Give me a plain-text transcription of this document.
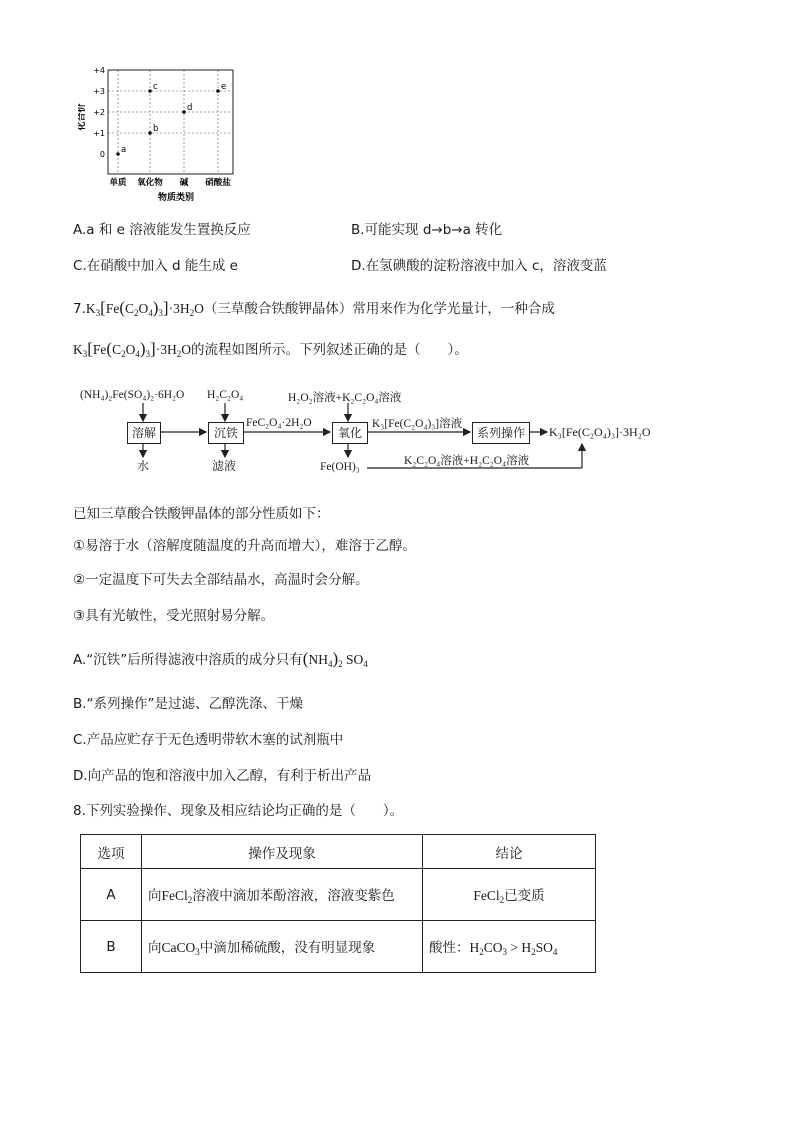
+4
+3
+2
+1
0
单质 氧化物 碱 硝酸盐
a
b
c
d
e
化合价
物质类别
A.a 和 e 溶液能发生置换反应	B.可能实现 d→b→a 转化
C.在硝酸中加入 d 能生成 e	D.在氢碘酸的淀粉溶液中加入 c，溶液变蓝
$7.K_3[Fe(C_2O_4)_3]\cdot 3H_2O$（三草酸合铁酸钾晶体）常用来作为化学光量计，一种合成
$K_3[Fe(C_2O_4)_3]\cdot 3H_2O$的流程如图所示。下列叙述正确的是（　　）。
(NH₄)₂Fe(SO₄)₂·6H₂O
溶解
水
H₂C₂O₄
沉铁
滤液
FeC₂O₄·2H₂O
H₂O₂溶液+K₂C₂O₄溶液
氧化
Fe(OH)₃
K₃[Fe(C₂O₄)₃]溶液
系列操作	K₃[Fe(C₂O₄)₃]·3H₂O
K₂C₂O₄溶液+H₂C₂O₄溶液
已知三草酸合铁酸钾晶体的部分性质如下：
①易溶于水（溶解度随温度的升高而增大），难溶于乙醇。
②一定温度下可失去全部结晶水，高温时会分解。
③具有光敏性，受光照射易分解。
A.“沉铁”后所得滤液中溶质的成分只有$(NH_4)_2$ $SO_4$
B.“系列操作”是过滤、乙醇洗涤、干燥
C.产品应贮存于无色透明带软木塞的试剂瓶中
D.向产品的饱和溶液中加入乙醇，有利于析出产品
8.下列实验操作、现象及相应结论均正确的是（　　）。
选项	操作及现象	结论
A	向FeCl$_2$溶液中滴加苯酚溶液，溶液变紫色	FeCl$_2$已变质
B	向CaCO$_3$中滴加稀硫酸，没有明显现象	酸性：$H_2CO_3 > H_2SO_4$
